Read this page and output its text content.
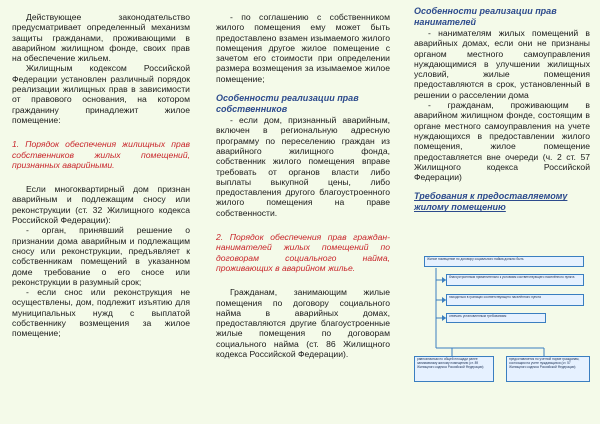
Действующее законодательство предусматривает определенный механизм защиты гражданами, проживающими в аварийном жилищном фонде, своих прав на обеспечение жильем.

Жилищным кодексом Российской Федерации установлен различный порядок реализации жилищных прав в зависимости от правового основания, на котором гражданину принадлежит жилое помещение:

1. Порядок обеспечения жилищных прав собственников жилых помещений, признанных аварийными.

Если многоквартирный дом признан аварийным и подлежащим сносу или реконструкции (ст. 32 Жилищного кодекса Российской Федерации):

- орган, принявший решение о признании дома аварийным и подлежащим сносу или реконструкции, предъявляет к собственникам помещений в указанном доме требование о его сносе или реконструкции в разумный срок;

- если снос или реконструкция не осуществлены, дом, подлежит изъятию для муниципальных нужд с выплатой собственнику возмещения за жилое помещение;

- по соглашению с собственником жилого помещения ему может быть предоставлено взамен изымаемого жилого помещения другое жилое помещение с зачетом его стоимости при определении размера возмещения за изымаемое жилое помещение;

Особенности реализации прав собственников

- если дом, признанный аварийным, включен в региональную адресную программу по переселению граждан из аварийного жилищного фонда, собственник жилого помещения вправе требовать от органов власти либо выплаты выкупной цены, либо предоставления другого благоустроенного жилого помещения на праве собственности.

2. Порядок обеспечения прав граждан-нанимателей жилых помещений по договорам социального найма, проживающих в аварийном жилье.

Гражданам, занимающим жилые помещения по договору социального найма в аварийных домах, предоставляются другие благоустроенные жилые помещения по договорам социального найма (ст. 86 Жилищного кодекса Российской Федерации).

Особенности реализации прав нанимателей

- нанимателям жилых помещений в аварийных домах, если они не признаны органом местного самоуправления нуждающимися в улучшении жилищных условий, жилые помещения предоставляются в срок, установленный в решении о расселении дома

- гражданам, проживающим в аварийном жилищном фонде, состоящим в органе местного самоуправления на учете нуждающихся в предоставлении жилого помещения, жилое помещение предоставляется вне очереди (ч. 2 ст. 57 Жилищного кодекса Российской Федерации)

Требования к предоставляемому жилому помещению

Жилое помещение по договору социального найма должно быть
благоустроенным применительно к условиям соответствующего населённого пункта
находиться в границах соответствующего населённого пункта
отвечать установленным требованиям
равнозначным по общей площади ранее занимаемому жилому помещению (ст. 89 Жилищного кодекса Российской Федерации)
предоставляется по учетной норме гражданам, состоящим на учете нуждающихся (ст. 57 Жилищного кодекса Российской Федерации)
